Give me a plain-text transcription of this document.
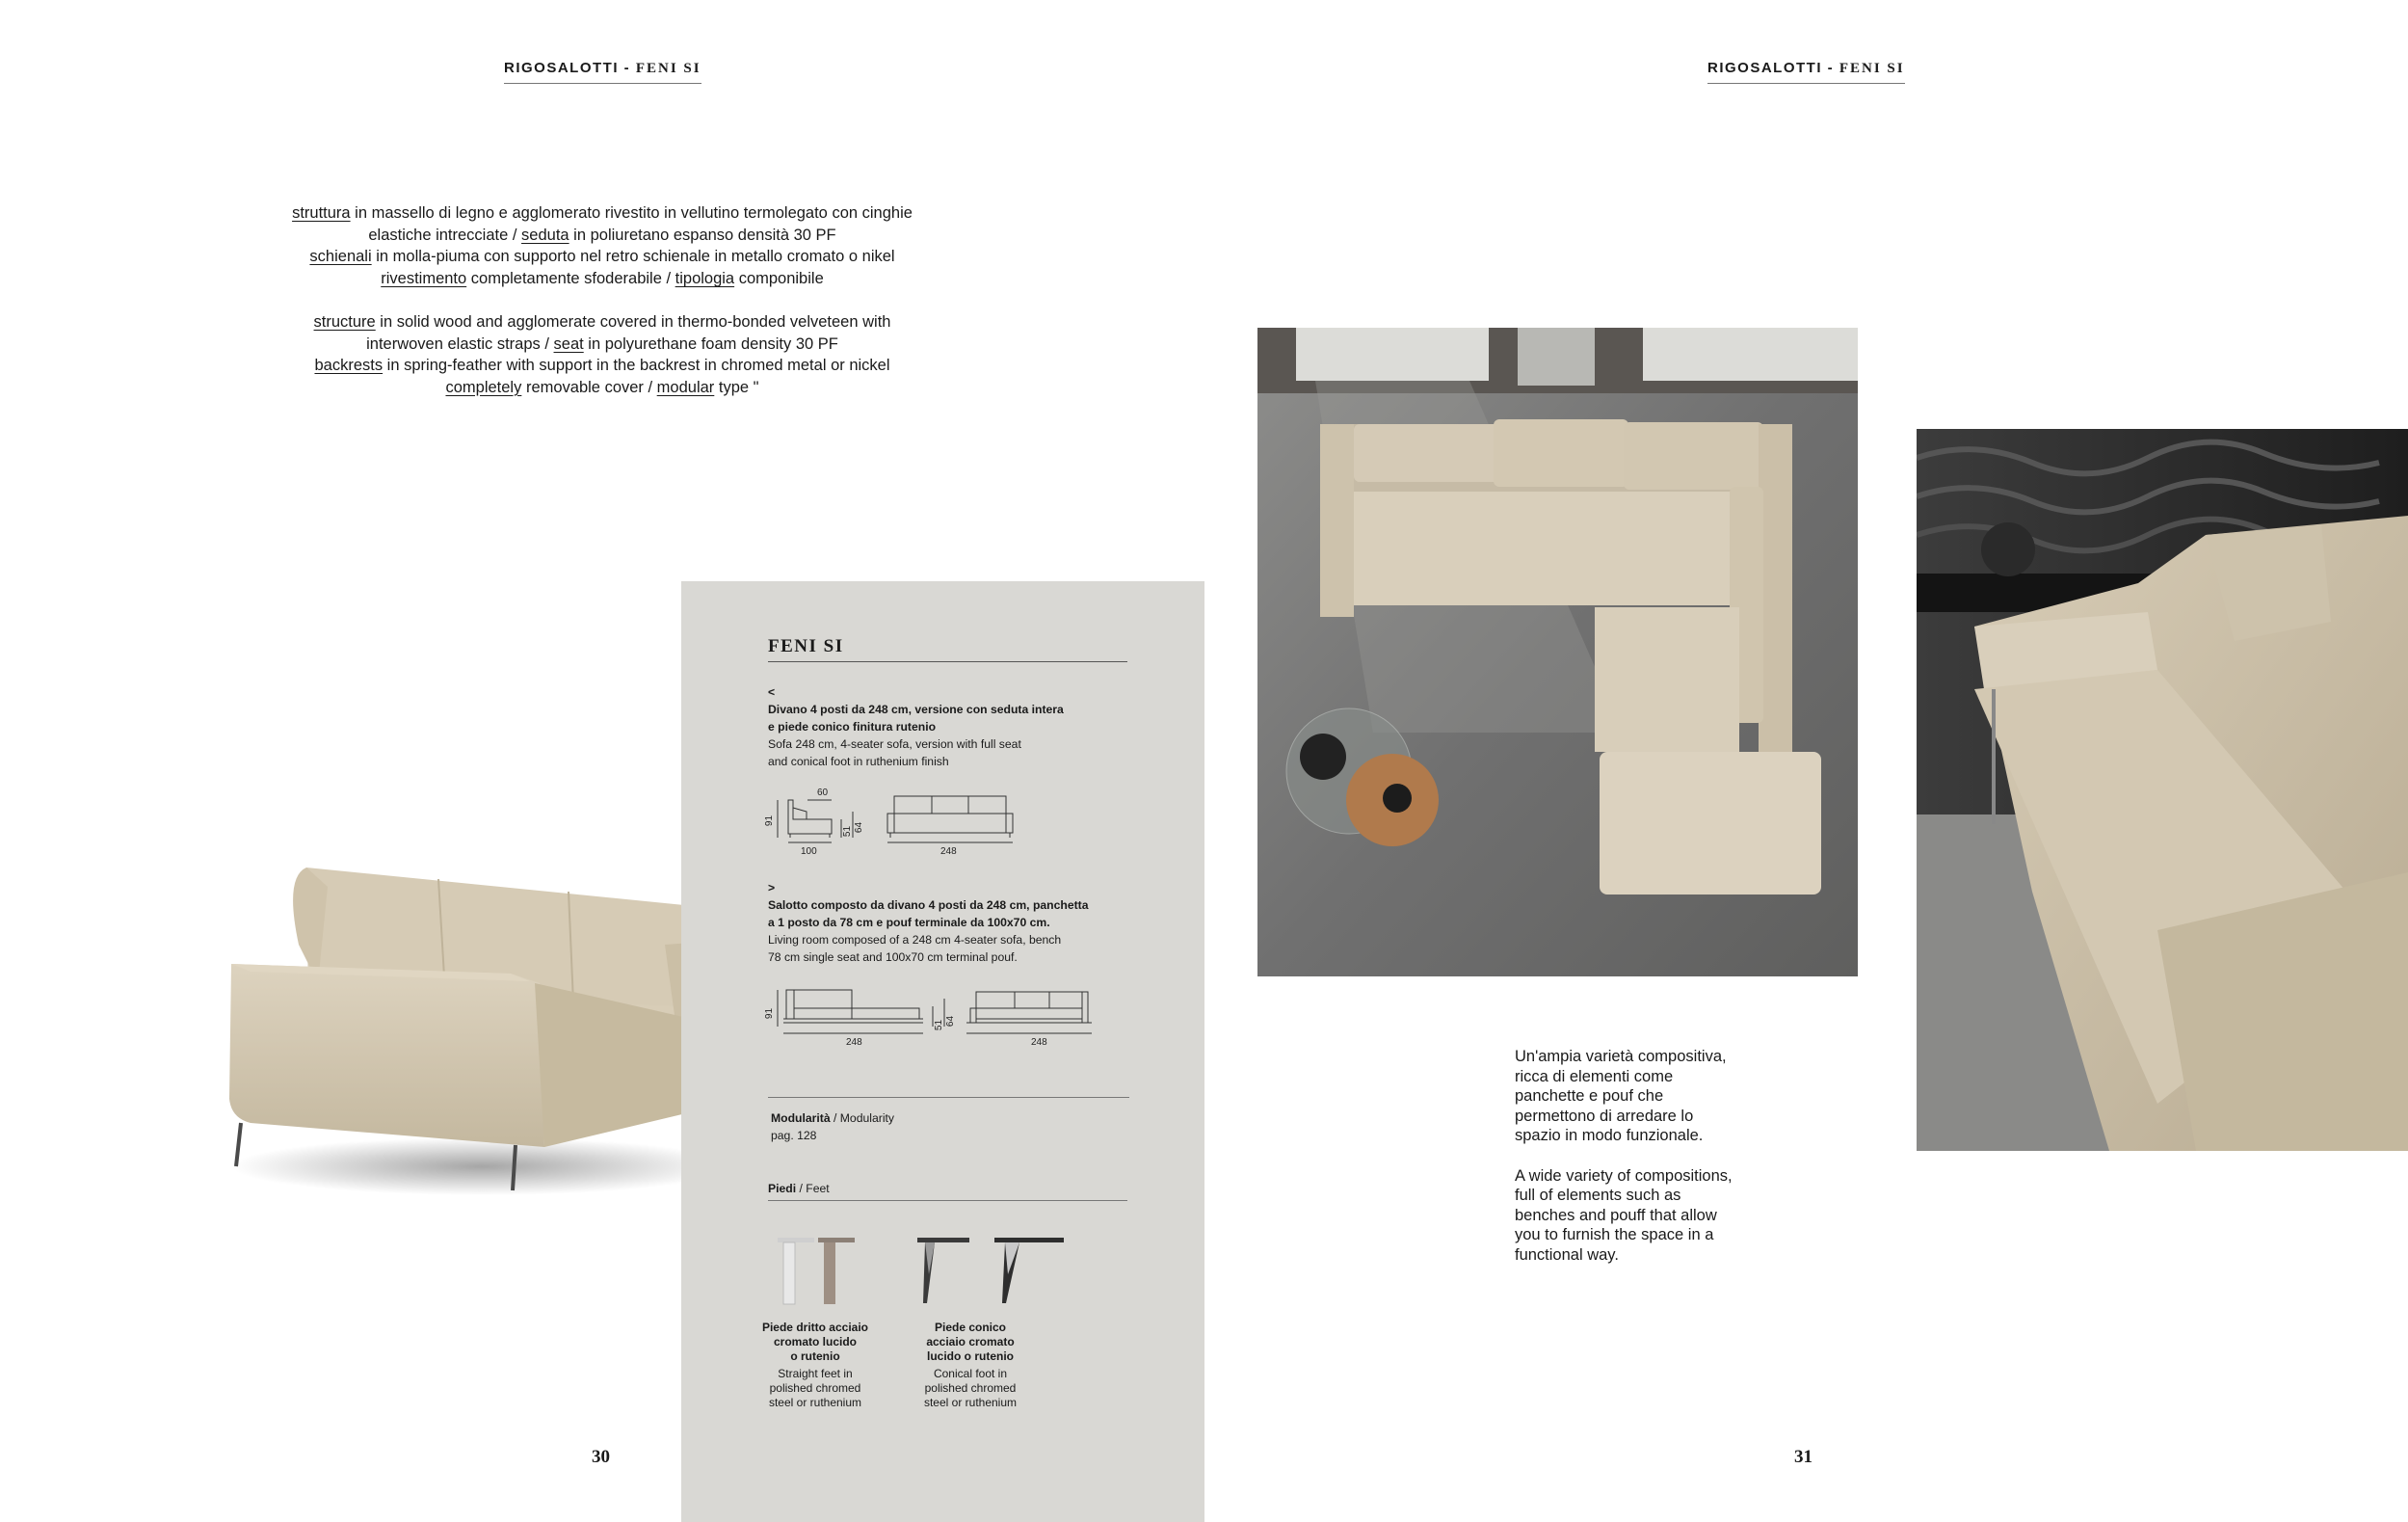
RIGOSALOTTI - FENI SI

struttura in massello di legno e agglomerato rivestito in vellutino termolegato con cinghie
elastiche intrecciate / seduta in poliuretano espanso densità 30 PF
schienali in molla-piuma con supporto nel retro schienale in metallo cromato o nikel
rivestimento completamente sfoderabile / tipologia componibile

structure in solid wood and agglomerate covered in thermo-bonded velveteen with
interwoven elastic straps / seat in polyurethane foam density 30 PF
backrests in spring-feather with support in the backrest in chromed metal or nickel
completely removable cover / modular type "

FENI SI
<
Divano 4 posti da 248 cm, versione con seduta intera
e piede conico finitura rutenio
Sofa 248 cm, 4-seater sofa, version with full seat
and conical foot in ruthenium finish
91
60
51 64
100	248
>
Salotto composto da divano 4 posti da 248 cm, panchetta
a 1 posto da 78 cm e pouf terminale da 100x70 cm.
Living room composed of a 248 cm 4-seater sofa, bench
78 cm single seat and 100x70 cm terminal pouf.
91
51 64
248	248
Modularità / Modularity
pag. 128
Piedi / Feet
Piede dritto acciaio
cromato lucido
o rutenio
Straight feet in
polished chromed
steel or ruthenium
Piede conico
acciaio cromato
lucido o rutenio
Conical foot in
polished chromed
steel or ruthenium
30
RIGOSALOTTI - FENI SI

Un'ampia varietà compositiva,
ricca di elementi come
panchette e pouf che
permettono di arredare lo
spazio in modo funzionale.

A wide variety of compositions,
full of elements such as
benches and pouff that allow
you to furnish the space in a
functional way.

31
